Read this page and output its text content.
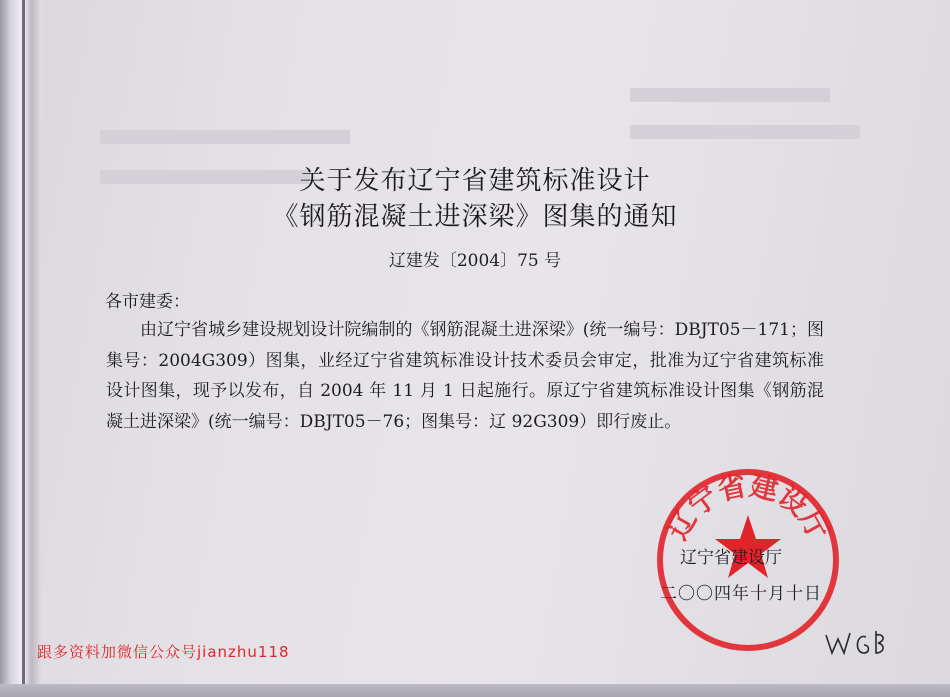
关于发布辽宁省建筑标准设计
《钢筋混凝土进深梁》图集的通知
辽建发〔2004〕75 号
各市建委：
由辽宁省城乡建设规划设计院编制的《钢筋混凝土进深梁》(统一编号：DBJT05－171；图集号：2004G309）图集，业经辽宁省建筑标准设计技术委员会审定，批准为辽宁省建筑标准设计图集，现予以发布，自 2004 年 11 月 1 日起施行。原辽宁省建筑标准设计图集《钢筋混凝土进深梁》(统一编号：DBJT05－76；图集号：辽 92G309）即行废止。
辽宁省建设厅
辽宁省建设厅
二〇〇四年十月十日
跟多资料加微信公众号jianzhu118
